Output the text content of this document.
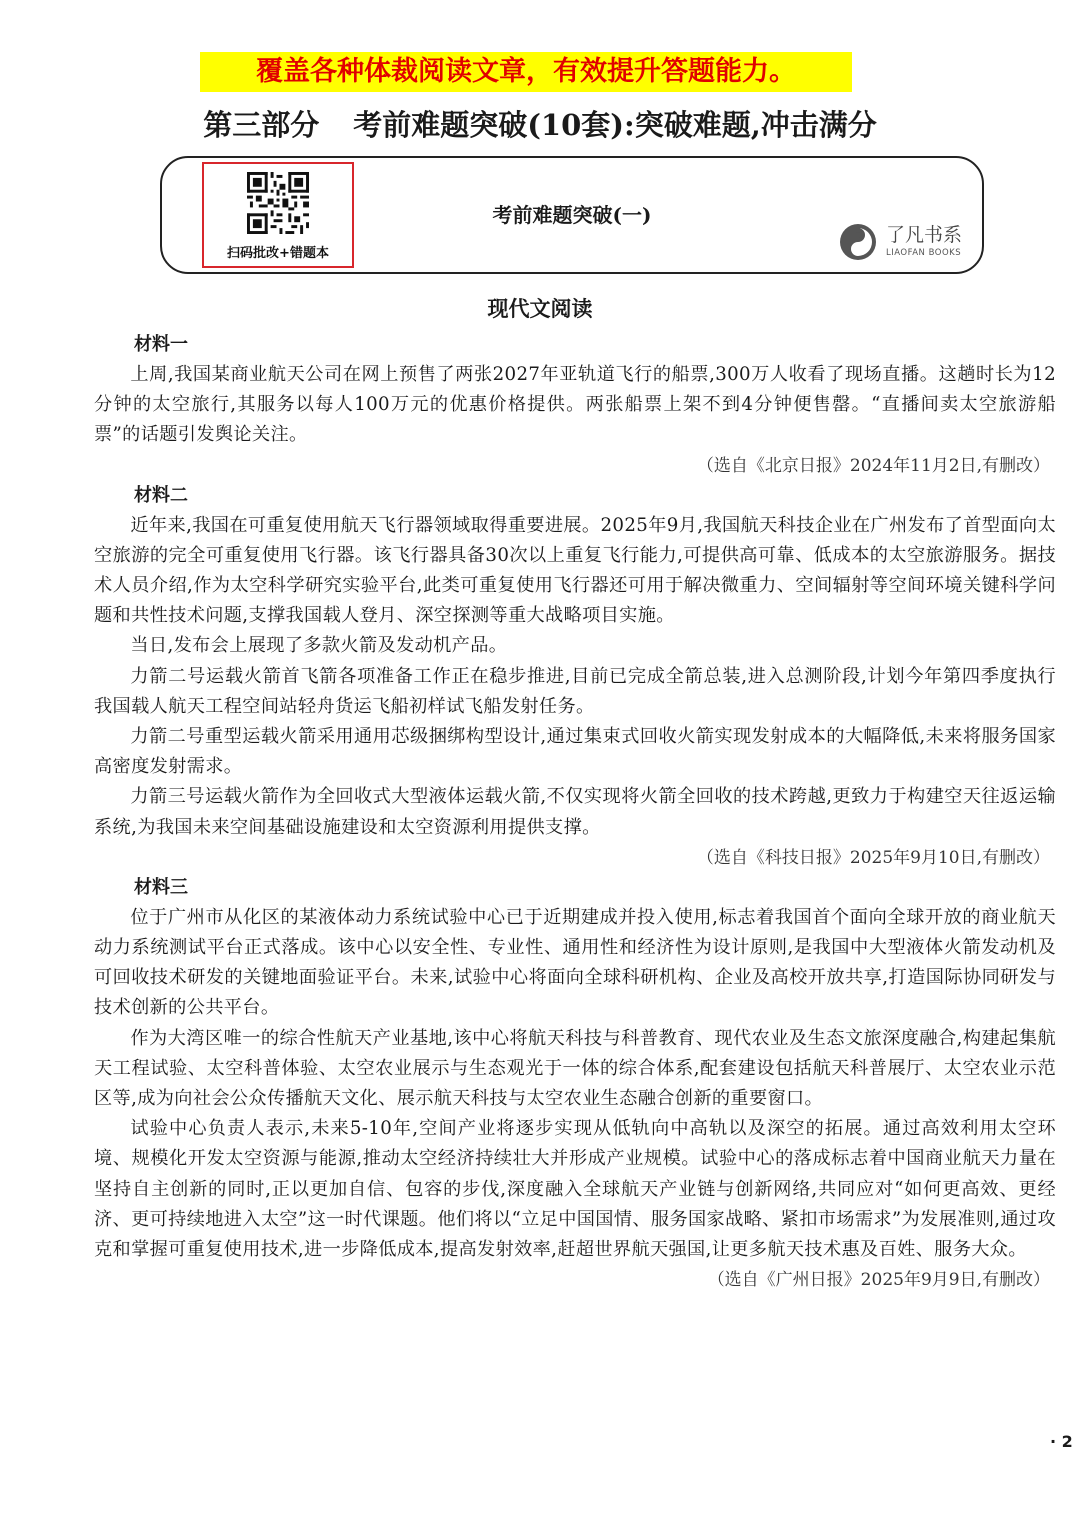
覆盖各种体裁阅读文章，有效提升答题能力。
第三部分 考前难题突破(10套):突破难题,冲击满分
扫码批改+错题本
考前难题突破(一)
了凡书系
LIAOFAN BOOKS
现代文阅读
材料一

上周,我国某商业航天公司在网上预售了两张2027年亚轨道飞行的船票,300万人收看了现场直播。这趟时长为12分钟的太空旅行,其服务以每人100万元的优惠价格提供。两张船票上架不到4分钟便售罄。“直播间卖太空旅游船票”的话题引发舆论关注。

（选自《北京日报》2024年11月2日,有删改）
材料二

近年来,我国在可重复使用航天飞行器领域取得重要进展。2025年9月,我国航天科技企业在广州发布了首型面向太空旅游的完全可重复使用飞行器。该飞行器具备30次以上重复飞行能力,可提供高可靠、低成本的太空旅游服务。据技术人员介绍,作为太空科学研究实验平台,此类可重复使用飞行器还可用于解决微重力、空间辐射等空间环境关键科学问题和共性技术问题,支撑我国载人登月、深空探测等重大战略项目实施。

当日,发布会上展现了多款火箭及发动机产品。

力箭二号运载火箭首飞箭各项准备工作正在稳步推进,目前已完成全箭总装,进入总测阶段,计划今年第四季度执行我国载人航天工程空间站轻舟货运飞船初样试飞船发射任务。

力箭二号重型运载火箭采用通用芯级捆绑构型设计,通过集束式回收火箭实现发射成本的大幅降低,未来将服务国家高密度发射需求。

力箭三号运载火箭作为全回收式大型液体运载火箭,不仅实现将火箭全回收的技术跨越,更致力于构建空天往返运输系统,为我国未来空间基础设施建设和太空资源利用提供支撑。

（选自《科技日报》2025年9月10日,有删改）
材料三

位于广州市从化区的某液体动力系统试验中心已于近期建成并投入使用,标志着我国首个面向全球开放的商业航天动力系统测试平台正式落成。该中心以安全性、专业性、通用性和经济性为设计原则,是我国中大型液体火箭发动机及可回收技术研发的关键地面验证平台。未来,试验中心将面向全球科研机构、企业及高校开放共享,打造国际协同研发与技术创新的公共平台。

作为大湾区唯一的综合性航天产业基地,该中心将航天科技与科普教育、现代农业及生态文旅深度融合,构建起集航天工程试验、太空科普体验、太空农业展示与生态观光于一体的综合体系,配套建设包括航天科普展厅、太空农业示范区等,成为向社会公众传播航天文化、展示航天科技与太空农业生态融合创新的重要窗口。

试验中心负责人表示,未来5-10年,空间产业将逐步实现从低轨向中高轨以及深空的拓展。通过高效利用太空环境、规模化开发太空资源与能源,推动太空经济持续壮大并形成产业规模。试验中心的落成标志着中国商业航天力量在坚持自主创新的同时,正以更加自信、包容的步伐,深度融入全球航天产业链与创新网络,共同应对“如何更高效、更经济、更可持续地进入太空”这一时代课题。他们将以“立足中国国情、服务国家战略、紧扣市场需求”为发展准则,通过攻克和掌握可重复使用技术,进一步降低成本,提高发射效率,赶超世界航天强国,让更多航天技术惠及百姓、服务大众。

（选自《广州日报》2025年9月9日,有删改）
· 2
